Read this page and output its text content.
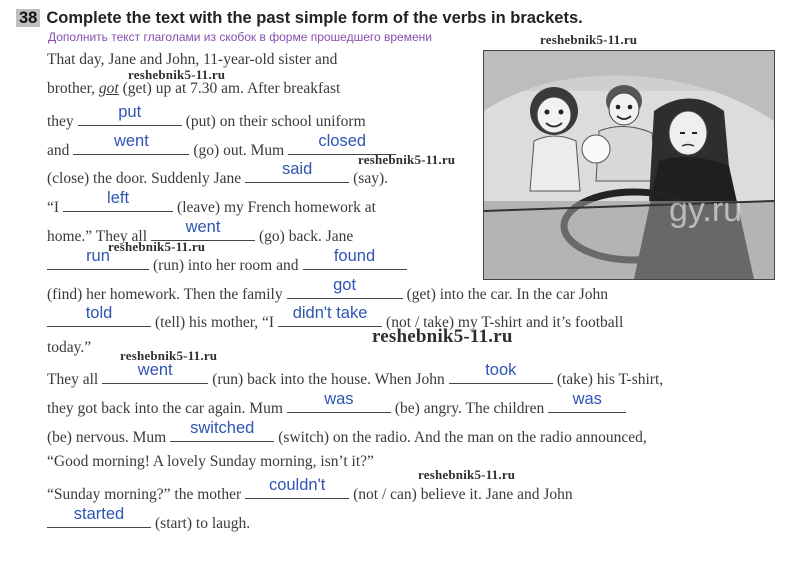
38 Complete the text with the past simple form of the verbs in brackets.
Дополнить текст глаголами из скобок в форме прошедшего времени
gy.ru
That day, Jane and John, 11-year-old sister and
brother, got (get) up at 7.30 am. After breakfast
they
put
(put) on their school uniform
and
went
(go) out. Mum
closed
(close) the door. Suddenly Jane
said
(say).
“I
left
(leave) my French homework at
home.” They all
went
(go) back. Jane
run
(run) into her room and
found
(find) her homework. Then the family
got
(get) into the car. In the car John
told
(tell) his mother, “I
didn't take
(not / take) my T-shirt and it’s football
today.”
They all
went
(run) back into the house. When John
took
(take) his T-shirt,
they got back into the car again. Mum
was
(be) angry. The children
was
(be) nervous. Mum
switched
(switch) on the radio. And the man on the radio announced,
“Good morning! A lovely Sunday morning, isn’t it?”
“Sunday morning?” the mother
couldn't
(not / can) believe it. Jane and John
started
(start) to laugh.
reshebnik5-11.ru
reshebnik5-11.ru
reshebnik5-11.ru
reshebnik5-11.ru
reshebnik5-11.ru
reshebnik5-11.ru
reshebnik5-11.ru
